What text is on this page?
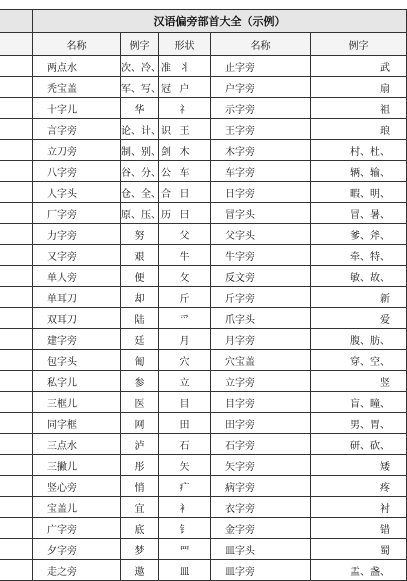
	汉语偏旁部首大全（示例）				
	名称	例字	形状	名称	例字
	两点水	次、冷、准	丬	止字旁	武
	秃宝盖	军、写、冠	户	户字旁	扇
	十字儿	华	礻	示字旁	祖
	言字旁	论、计、识	王	王字旁	琅
	立刀旁	制、别、剑	木	木字旁	村、杜、
	八字旁	谷、分、公	车	车字旁	辆、输、
	人字头	仓、全、合	日	日字旁	暇、明、
	厂字旁	原、压、历	曰	冒字头	冒、暑、
	力字旁	努	父	父字头	爹、斧、
	又字旁	艰	牛	牛字旁	牵、特、
	单人旁	便	攵	反文旁	敏、故、
	单耳刀	却	斤	斤字旁	新
	双耳刀	陆	爫	爪字头	爱
	建字旁	廷	月	月字旁	腹、肪、
	包字头	匍	穴	穴宝盖	穿、空、
	私字儿	参	立	立字旁	竖
	三框儿	医	目	目字旁	盲、瞳、
	同字框	网	田	田字旁	男、胃、
	三点水	泸	石	石字旁	研、砍、
	三撇儿	彤	矢	矢字旁	矮
	竖心旁	悄	疒	病字旁	疼
	宝盖儿	宜	衤	衣字旁	衬
	广字旁	底	钅	金字旁	错
	夕字旁	梦	罒	皿字头	蜀
	走之旁	遨	皿	皿字旁	盂、盏、
